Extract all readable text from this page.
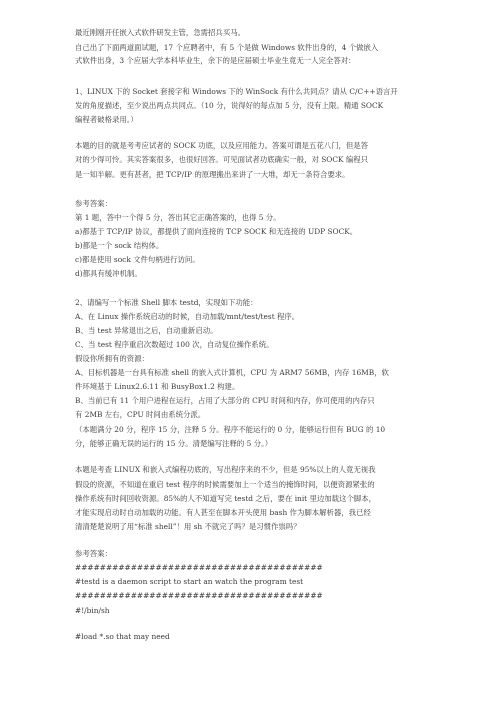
最近刚刚开任嵌入式软件研发主管，急需招兵买马。
自己出了下面两道面试题，17 个应聘者中，有 5 个是做 Windows 软件出身的，4 个做嵌入
式软件出身，3 个应届大学本科毕业生，余下的是应届硕士毕业生竟无一人完全答对：
1、LINUX 下的 Socket 套接字和 Windows 下的 WinSock 有什么共同点？请从 C/C++语言开
发的角度描述，至少说出两点共同点。（10 分，说得好的每点加 5 分，没有上限。精通 SOCK
编程者破格录用。）
本题的目的就是考考应试者的 SOCK 功底，以及应用能力。答案可谓是五花八门，但是答
对的少得可怜。其实答案很多，也很好回答。可见面试者功底确实一般，对 SOCK 编程只
是一知半解。更有甚者，把 TCP/IP 的原理搬出来讲了一大堆，却无一条符合要求。
参考答案：
第 1 题，答中一个得 5 分，答出其它正确答案的，也得 5 分。
a)都基于 TCP/IP 协议，都提供了面向连接的 TCP SOCK 和无连接的 UDP SOCK。
b)都是一个 sock 结构体。
c)都是使用 sock 文件句柄进行访问。
d)都具有缓冲机制。
2、请编写一个标准 Shell 脚本 testd，实现如下功能：
A、在 Linux 操作系统启动的时候，自动加载/mnt/test/test 程序。
B、当 test 异常退出之后，自动重新启动。
C、当 test 程序重启次数超过 100 次，自动复位操作系统。
假设你所拥有的资源：
A、目标机器是一台具有标准 shell 的嵌入式计算机，CPU 为 ARM7 56MB，内存 16MB，软
件环境基于 Linux2.6.11 和 BusyBox1.2 构建。
B、当前已有 11 个用户进程在运行，占用了大部分的 CPU 时间和内存，你可使用的内存只
有 2MB 左右，CPU 时间由系统分派。
（本题满分 20 分，程序 15 分，注释 5 分。程序不能运行的 0 分，能够运行但有 BUG 的 10
分，能够正确无误的运行的 15 分。清楚编写注释的 5 分。）
本题是考查 LINUX 和嵌入式编程功底的，写出程序来的不少，但是 95%以上的人竟无视我
假设的资源，不知道在重启 test 程序的时候需要加上一个适当的掩饰时间，以便资源紧张的
操作系统有时间回收资源。85%的人不知道写完 testd 之后，要在 init 里边加载这个脚本，
才能实现启动时自动加载的功能。有人甚至在脚本开头使用 bash 作为脚本解析器，我已经
清清楚楚说明了用“标准 shell”！用 sh 不就完了吗？是习惯作祟吗？
参考答案：
########################################
#testd is a daemon script to start an watch the program test
########################################
#!/bin/sh
#load *.so that may need
